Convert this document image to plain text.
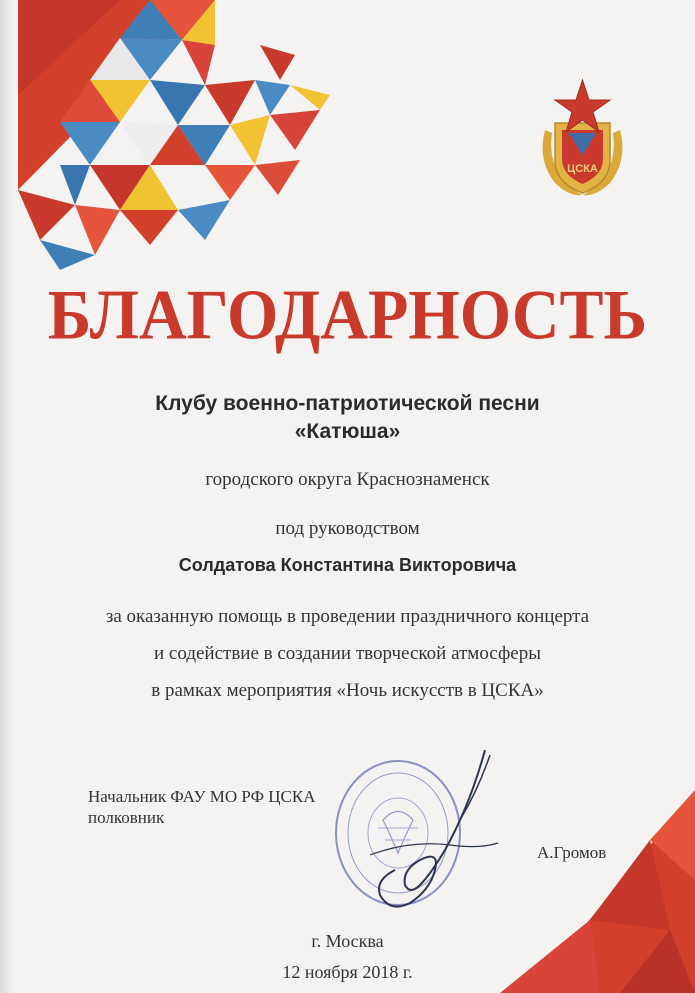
ЦСКА
БЛАГОДАРНОСТЬ
Клубу военно-патриотической песни
«Катюша»
городского округа Краснознаменск
под руководством
Солдатова Константина Викторовича
за оказанную помощь в проведении праздничного концерта
и содействие в создании творческой атмосферы
в рамках мероприятия «Ночь искусств в ЦСКА»
Начальник ФАУ МО РФ ЦСКА
полковник
А.Громов
г. Москва
12 ноября 2018 г.
